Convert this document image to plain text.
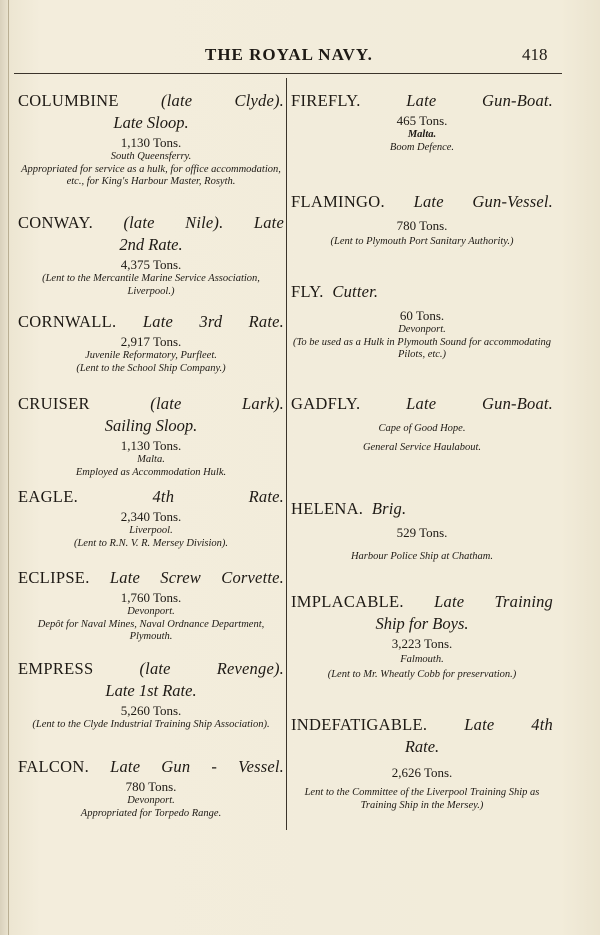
THE ROYAL NAVY.	418
COLUMBINE	(late Clyde).
Late Sloop.
1,130 Tons.
South Queensferry.
Appropriated for service as a hulk, for office accommodation, etc., for King's Harbour Master, Rosyth.
CONWAY. (late Nile). Late
2nd Rate.
4,375 Tons.
(Lent to the Mercantile Marine Service Association, Liverpool.)
CORNWALL. Late 3rd Rate.
2,917 Tons.
Juvenile Reformatory, Purfleet.
(Lent to the School Ship Company.)
CRUISER	(late Lark).
Sailing Sloop.
1,130 Tons.
Malta.
Employed as Accommodation Hulk.
EAGLE.	4th Rate.
2,340 Tons.
Liverpool.
(Lent to R.N. V. R. Mersey Division).
ECLIPSE. Late Screw Corvette.
1,760 Tons.
Devonport.
Depôt for Naval Mines, Naval Ordnance Department, Plymouth.
EMPRESS	(late Revenge).
Late 1st Rate.
5,260 Tons.
(Lent to the Clyde Industrial Training Ship Association).
FALCON. Late Gun - Vessel.
780 Tons.
Devonport.
Appropriated for Torpedo Range.
FIREFLY.	Late Gun-Boat.
465 Tons.
Malta.
Boom Defence.
FLAMINGO. Late Gun-Vessel.
780 Tons.
(Lent to Plymouth Port Sanitary Authority.)
FLY. Cutter.
60 Tons.
Devonport.
(To be used as a Hulk in Plymouth Sound for accommodating Pilots, etc.)
GADFLY.	Late Gun-Boat.
Cape of Good Hope.
General Service Haulabout.
HELENA. Brig.
529 Tons.
Harbour Police Ship at Chatham.
IMPLACABLE. Late Training
Ship for Boys.
3,223 Tons.
Falmouth.
(Lent to Mr. Wheatly Cobb for preservation.)
INDEFATIGABLE. Late 4th
Rate.
2,626 Tons.
Lent to the Committee of the Liverpool Training Ship as Training Ship in the Mersey.)
